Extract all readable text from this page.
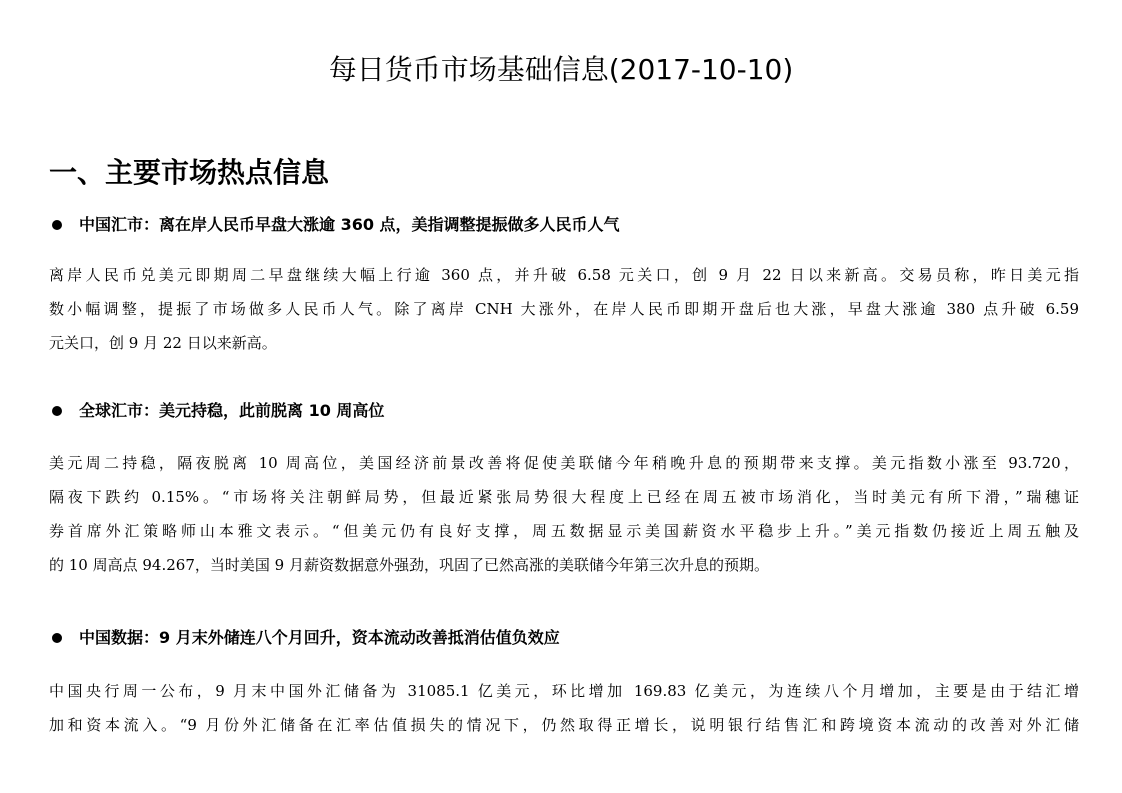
每日货币市场基础信息(2017-10-10)
一、主要市场热点信息
中国汇市：离在岸人民币早盘大涨逾 360 点，美指调整提振做多人民币人气
离岸人民币兑美元即期周二早盘继续大幅上行逾 360 点，并升破 6.58 元关口，创 9 月 22 日以来新高。交易员称，昨日美元指
数小幅调整，提振了市场做多人民币人气。除了离岸 CNH 大涨外，在岸人民币即期开盘后也大涨，早盘大涨逾 380 点升破 6.59
元关口，创 9 月 22 日以来新高。
全球汇市：美元持稳，此前脱离 10 周高位
美元周二持稳，隔夜脱离 10 周高位，美国经济前景改善将促使美联储今年稍晚升息的预期带来支撑。美元指数小涨至 93.720，
隔夜下跌约 0.15%。“市场将关注朝鲜局势，但最近紧张局势很大程度上已经在周五被市场消化，当时美元有所下滑，”瑞穗证
券首席外汇策略师山本雅文表示。“但美元仍有良好支撑，周五数据显示美国薪资水平稳步上升。”美元指数仍接近上周五触及
的 10 周高点 94.267，当时美国 9 月薪资数据意外强劲，巩固了已然高涨的美联储今年第三次升息的预期。
中国数据：9 月末外储连八个月回升，资本流动改善抵消估值负效应
中国央行周一公布，9 月末中国外汇储备为 31085.1 亿美元，环比增加 169.83 亿美元，为连续八个月增加，主要是由于结汇增
加和资本流入。“9 月份外汇储备在汇率估值损失的情况下，仍然取得正增长，说明银行结售汇和跨境资本流动的改善对外汇储
